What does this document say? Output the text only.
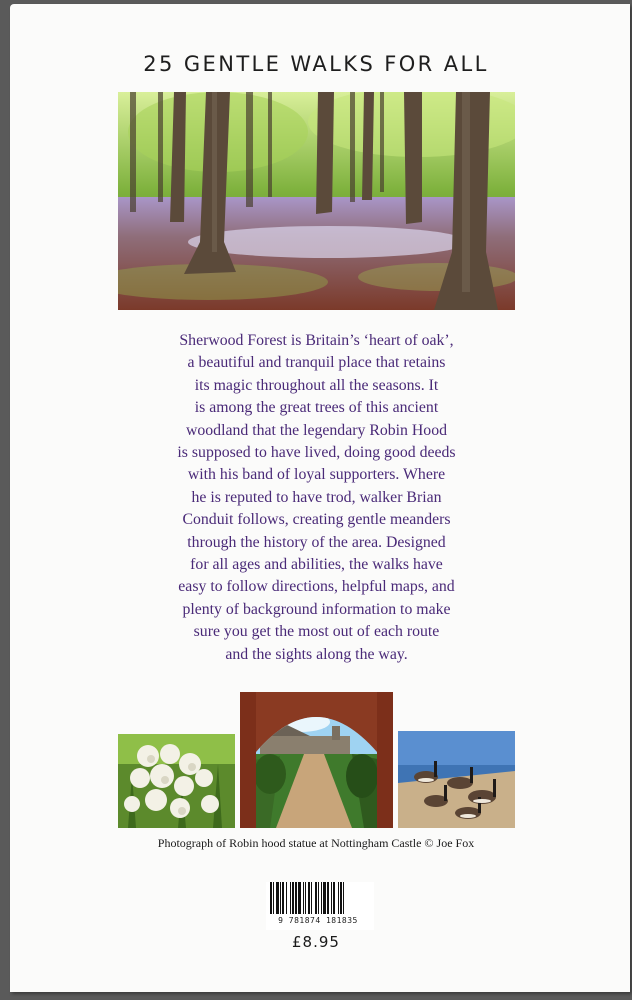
25 GENTLE WALKS FOR ALL
Sherwood Forest is Britain’s ‘heart of oak’,
a beautiful and tranquil place that retains
its magic throughout all the seasons. It
is among the great trees of this ancient
woodland that the legendary Robin Hood
is supposed to have lived, doing good deeds
with his band of loyal supporters. Where
he is reputed to have trod, walker Brian
Conduit follows, creating gentle meanders
through the history of the area. Designed
for all ages and abilities, the walks have
easy to follow directions, helpful maps, and
plenty of background information to make
sure you get the most out of each route
and the sights along the way.
Photograph of Robin hood statue at Nottingham Castle © Joe Fox
9 781874 181835
£8.95
